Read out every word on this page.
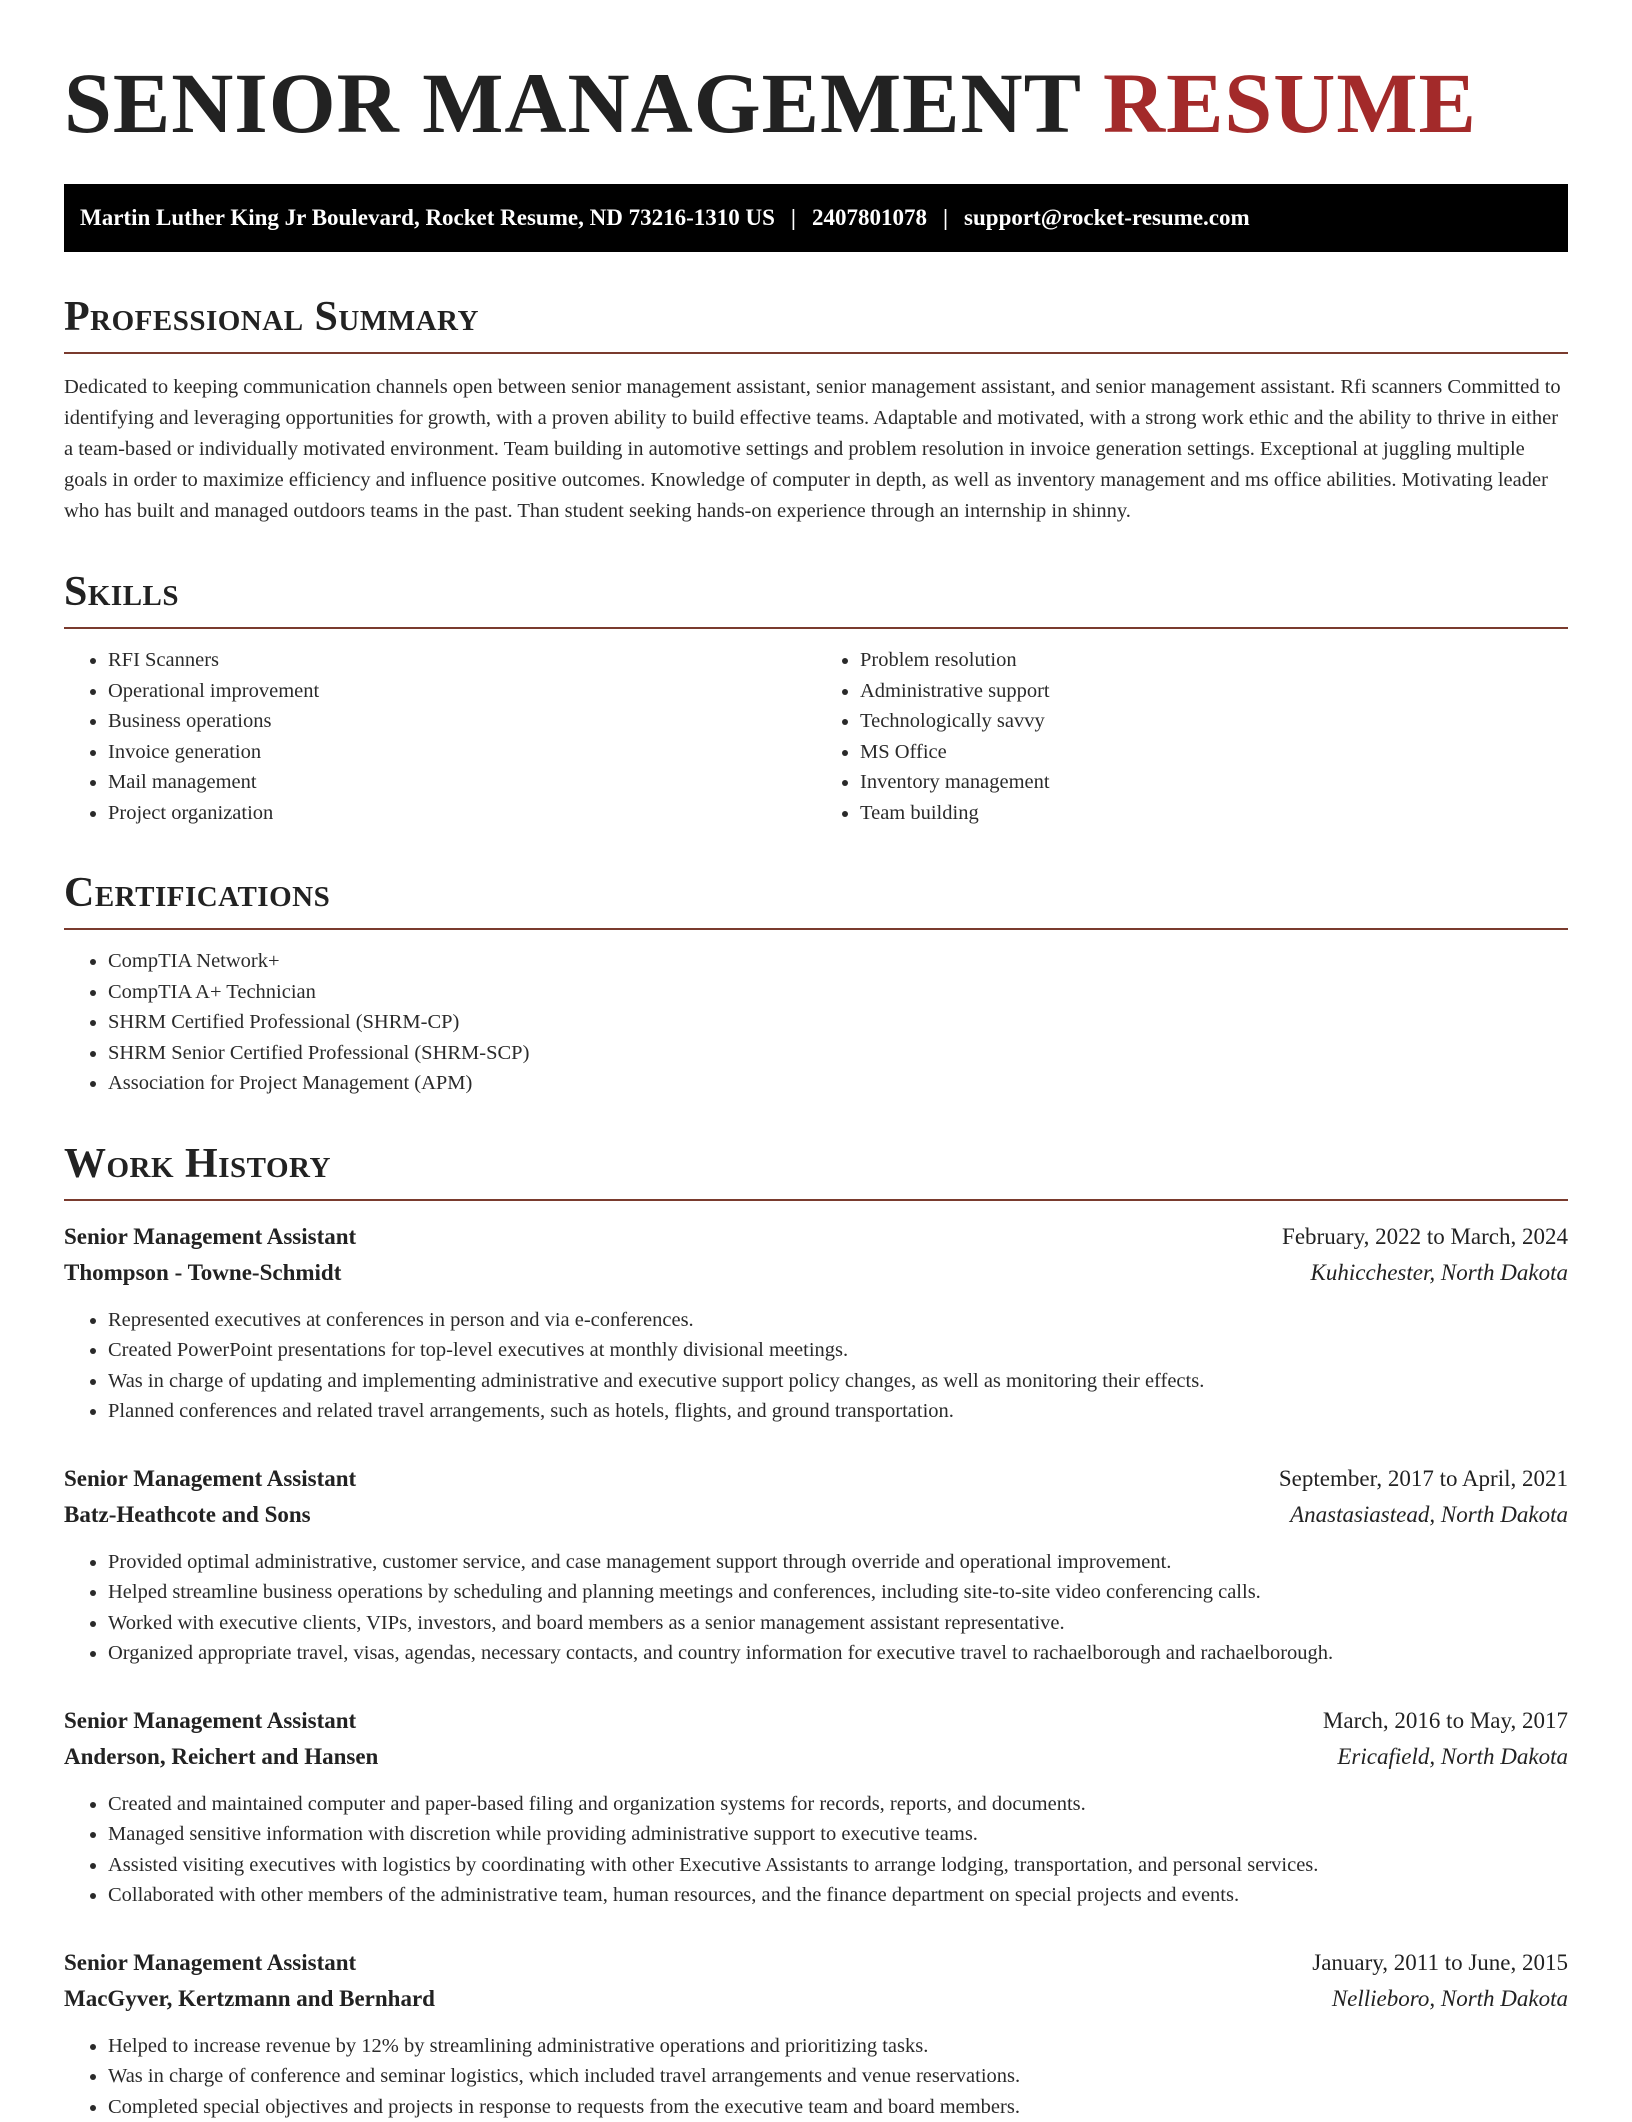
SENIOR MANAGEMENT RESUME
Martin Luther King Jr Boulevard, Rocket Resume, ND 73216-1310 US | 2407801078 | support@rocket-resume.com
Professional Summary

Dedicated to keeping communication channels open between senior management assistant, senior management assistant, and senior management assistant. Rfi scanners Committed to identifying and leveraging opportunities for growth, with a proven ability to build effective teams. Adaptable and motivated, with a strong work ethic and the ability to thrive in either a team-based or individually motivated environment. Team building in automotive settings and problem resolution in invoice generation settings. Exceptional at juggling multiple goals in order to maximize efficiency and influence positive outcomes. Knowledge of computer in depth, as well as inventory management and ms office abilities. Motivating leader who has built and managed outdoors teams in the past. Than student seeking hands-on experience through an internship in shinny.

Skills
• RFI Scanners
• Operational improvement
• Business operations
• Invoice generation
• Mail management
• Project organization
• Problem resolution
• Administrative support
• Technologically savvy
• MS Office
• Inventory management
• Team building
Certifications
• CompTIA Network+
• CompTIA A+ Technician
• SHRM Certified Professional (SHRM-CP)
• SHRM Senior Certified Professional (SHRM-SCP)
• Association for Project Management (APM)
Work History
Senior Management Assistant	February, 2022 to March, 2024
Thompson - Towne-Schmidt	Kuhicchester, North Dakota
• Represented executives at conferences in person and via e-conferences.
• Created PowerPoint presentations for top-level executives at monthly divisional meetings.
• Was in charge of updating and implementing administrative and executive support policy changes, as well as monitoring their effects.
• Planned conferences and related travel arrangements, such as hotels, flights, and ground transportation.
Senior Management Assistant	September, 2017 to April, 2021
Batz-Heathcote and Sons	Anastasiastead, North Dakota
• Provided optimal administrative, customer service, and case management support through override and operational improvement.
• Helped streamline business operations by scheduling and planning meetings and conferences, including site-to-site video conferencing calls.
• Worked with executive clients, VIPs, investors, and board members as a senior management assistant representative.
• Organized appropriate travel, visas, agendas, necessary contacts, and country information for executive travel to rachaelborough and rachaelborough.
Senior Management Assistant	March, 2016 to May, 2017
Anderson, Reichert and Hansen	Ericafield, North Dakota
• Created and maintained computer and paper-based filing and organization systems for records, reports, and documents.
• Managed sensitive information with discretion while providing administrative support to executive teams.
• Assisted visiting executives with logistics by coordinating with other Executive Assistants to arrange lodging, transportation, and personal services.
• Collaborated with other members of the administrative team, human resources, and the finance department on special projects and events.
Senior Management Assistant	January, 2011 to June, 2015
MacGyver, Kertzmann and Bernhard	Nellieboro, North Dakota
• Helped to increase revenue by 12% by streamlining administrative operations and prioritizing tasks.
• Was in charge of conference and seminar logistics, which included travel arrangements and venue reservations.
• Completed special objectives and projects in response to requests from the executive team and board members.
